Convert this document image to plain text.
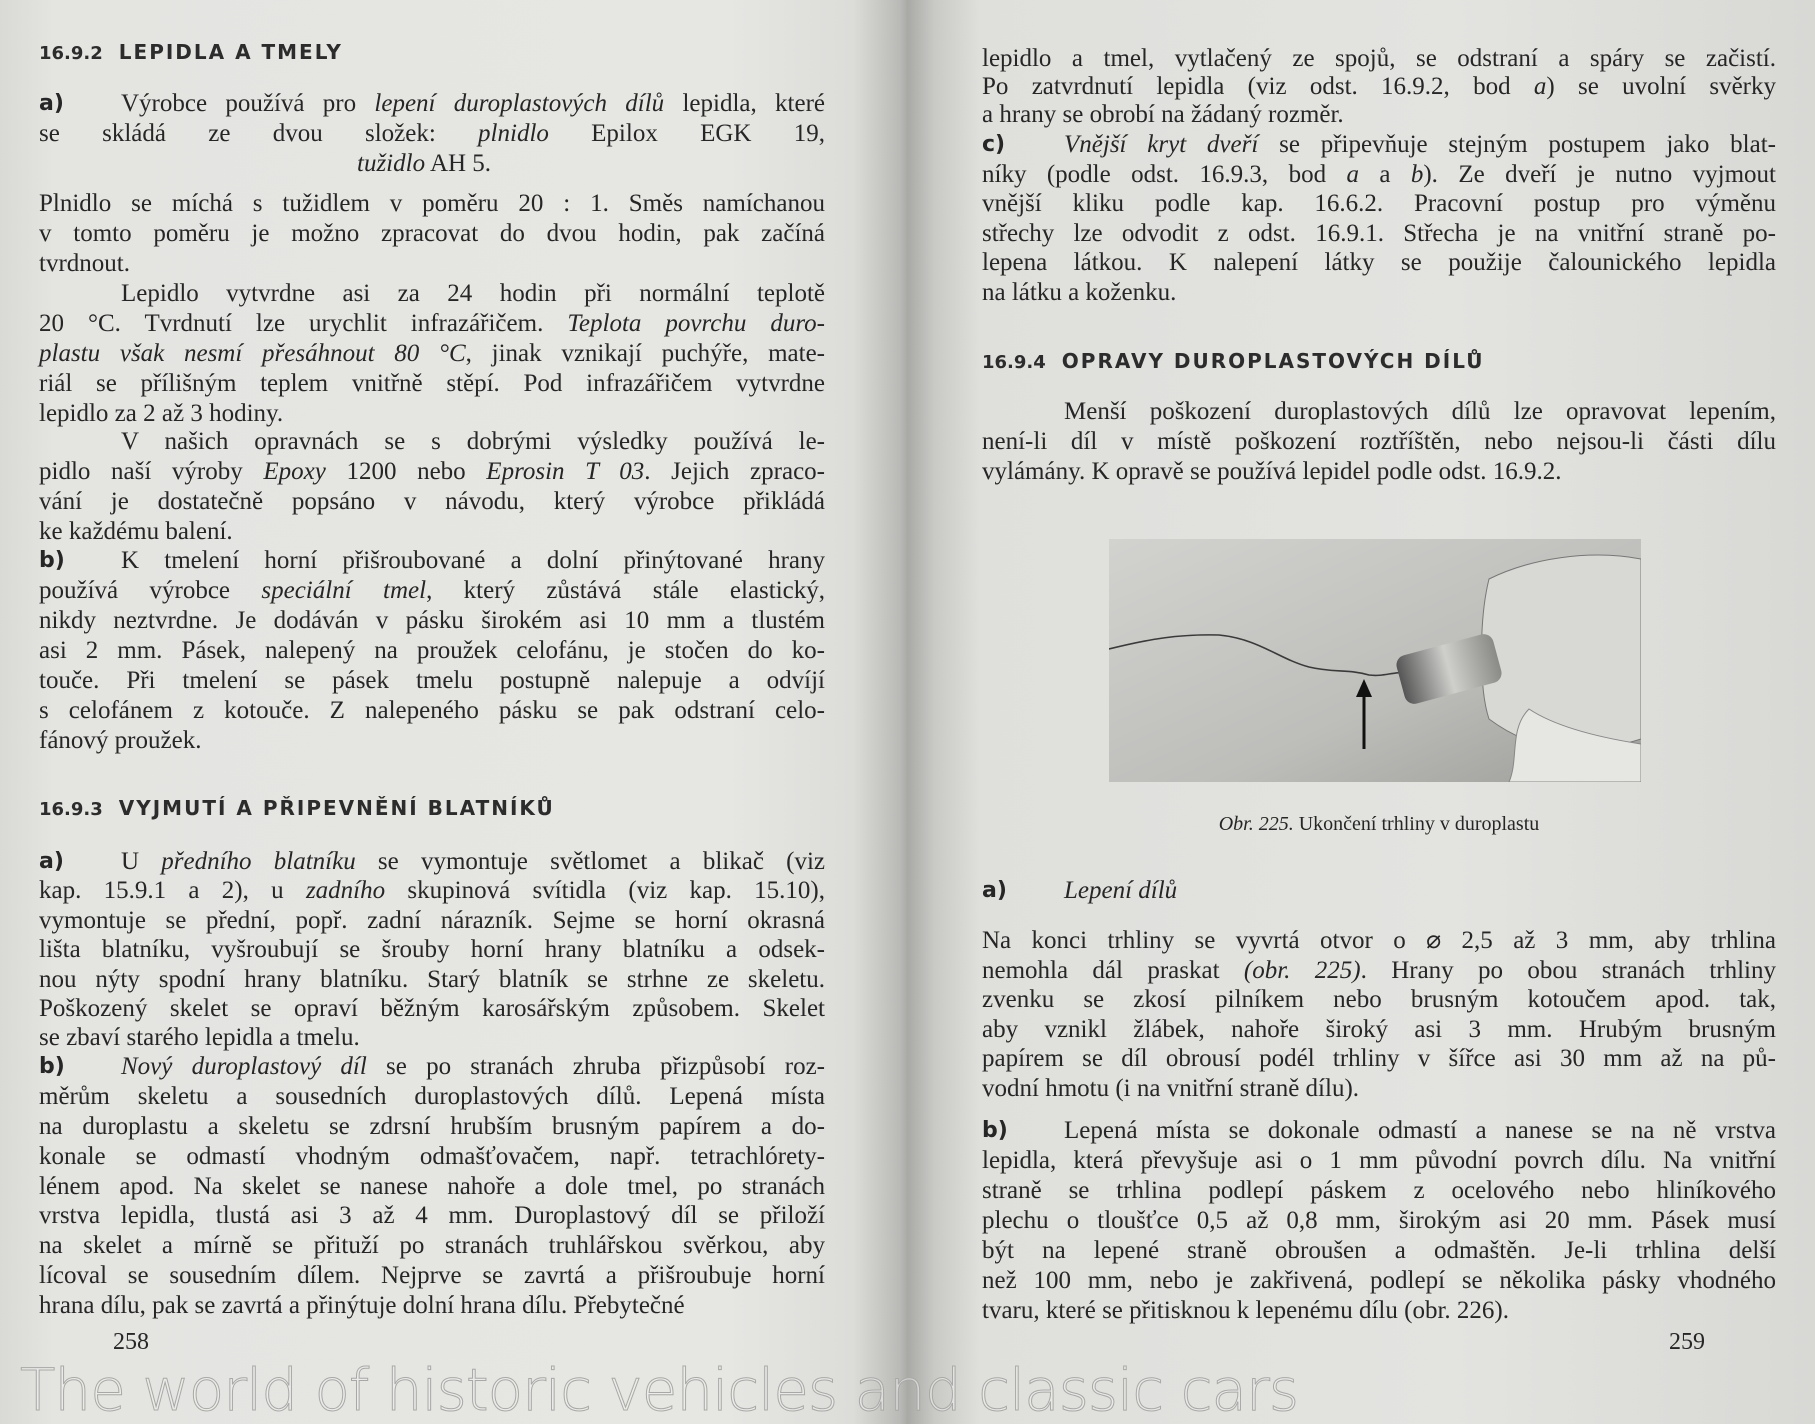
16.9.2 LEPIDLA A TMELY
a)	Výrobce používá pro lepení duroplastových dílů lepidla, které
se skládá ze dvou složek: plnidlo Epilox EGK 19,
tužidlo AH 5.
Plnidlo se míchá s tužidlem v poměru 20 : 1. Směs namíchanou
v tomto poměru je možno zpracovat do dvou hodin, pak začíná
tvrdnout.
Lepidlo vytvrdne asi za 24 hodin při normální teplotě
20 °C. Tvrdnutí lze urychlit infrazářičem. Teplota povrchu duro-
plastu však nesmí přesáhnout 80 °C, jinak vznikají puchýře, mate-
riál se přílišným teplem vnitřně stěpí. Pod infrazářičem vytvrdne
lepidlo za 2 až 3 hodiny.
V našich opravnách se s dobrými výsledky používá le-
pidlo naší výroby Epoxy 1200 nebo Eprosin T 03. Jejich zpraco-
vání je dostatečně popsáno v návodu, který výrobce přikládá
ke každému balení.
b)	K tmelení horní přišroubované a dolní přinýtované hrany
používá výrobce speciální tmel, který zůstává stále elastický,
nikdy neztvrdne. Je dodáván v pásku širokém asi 10 mm a tlustém
asi 2 mm. Pásek, nalepený na proužek celofánu, je stočen do ko-
touče. Při tmelení se pásek tmelu postupně nalepuje a odvíjí
s celofánem z kotouče. Z nalepeného pásku se pak odstraní celo-
fánový proužek.
16.9.3 VYJMUTÍ A PŘIPEVNĚNÍ BLATNÍKŮ
a)	U předního blatníku se vymontuje světlomet a blikač (viz
kap. 15.9.1 a 2), u zadního skupinová svítidla (viz kap. 15.10),
vymontuje se přední, popř. zadní nárazník. Sejme se horní okrasná
lišta blatníku, vyšroubují se šrouby horní hrany blatníku a odsek-
nou nýty spodní hrany blatníku. Starý blatník se strhne ze skeletu.
Poškozený skelet se opraví běžným karosářským způsobem. Skelet
se zbaví starého lepidla a tmelu.
b)	Nový duroplastový díl se po stranách zhruba přizpůsobí roz-
měrům skeletu a sousedních duroplastových dílů. Lepená místa
na duroplastu a skeletu se zdrsní hrubším brusným papírem a do-
konale se odmastí vhodným odmašťovačem, např. tetrachlórety-
lénem apod. Na skelet se nanese nahoře a dole tmel, po stranách
vrstva lepidla, tlustá asi 3 až 4 mm. Duroplastový díl se přiloží
na skelet a mírně se přituží po stranách truhlářskou svěrkou, aby
lícoval se sousedním dílem. Nejprve se zavrtá a přišroubuje horní
hrana dílu, pak se zavrtá a přinýtuje dolní hrana dílu. Přebytečné
258
lepidlo a tmel, vytlačený ze spojů, se odstraní a spáry se začistí.
Po zatvrdnutí lepidla (viz odst. 16.9.2, bod a) se uvolní svěrky
a hrany se obrobí na žádaný rozměr.
c)	Vnější kryt dveří se připevňuje stejným postupem jako blat-
níky (podle odst. 16.9.3, bod a a b). Ze dveří je nutno vyjmout
vnější kliku podle kap. 16.6.2. Pracovní postup pro výměnu
střechy lze odvodit z odst. 16.9.1. Střecha je na vnitřní straně po-
lepena látkou. K nalepení látky se použije čalounického lepidla
na látku a koženku.
16.9.4 OPRAVY DUROPLASTOVÝCH DÍLŮ
Menší poškození duroplastových dílů lze opravovat lepením,
není-li díl v místě poškození roztříštěn, nebo nejsou-li části dílu
vylámány. K opravě se používá lepidel podle odst. 16.9.2.
a)	Lepení dílů
Na konci trhliny se vyvrtá otvor o ⌀ 2,5 až 3 mm, aby trhlina
nemohla dál praskat (obr. 225). Hrany po obou stranách trhliny
zvenku se zkosí pilníkem nebo brusným kotoučem apod. tak,
aby vznikl žlábek, nahoře široký asi 3 mm. Hrubým brusným
papírem se díl obrousí podél trhliny v šířce asi 30 mm až na pů-
vodní hmotu (i na vnitřní straně dílu).
b)	Lepená místa se dokonale odmastí a nanese se na ně vrstva
lepidla, která převyšuje asi o 1 mm původní povrch dílu. Na vnitřní
straně se trhlina podlepí páskem z ocelového nebo hliníkového
plechu o tloušťce 0,5 až 0,8 mm, širokým asi 20 mm. Pásek musí
být na lepené straně obroušen a odmaštěn. Je-li trhlina delší
než 100 mm, nebo je zakřivená, podlepí se několika pásky vhodného
tvaru, které se přitisknou k lepenému dílu (obr. 226).
259
Obr. 225. Ukončení trhliny v duroplastu
The world of historic vehicles and classic cars
